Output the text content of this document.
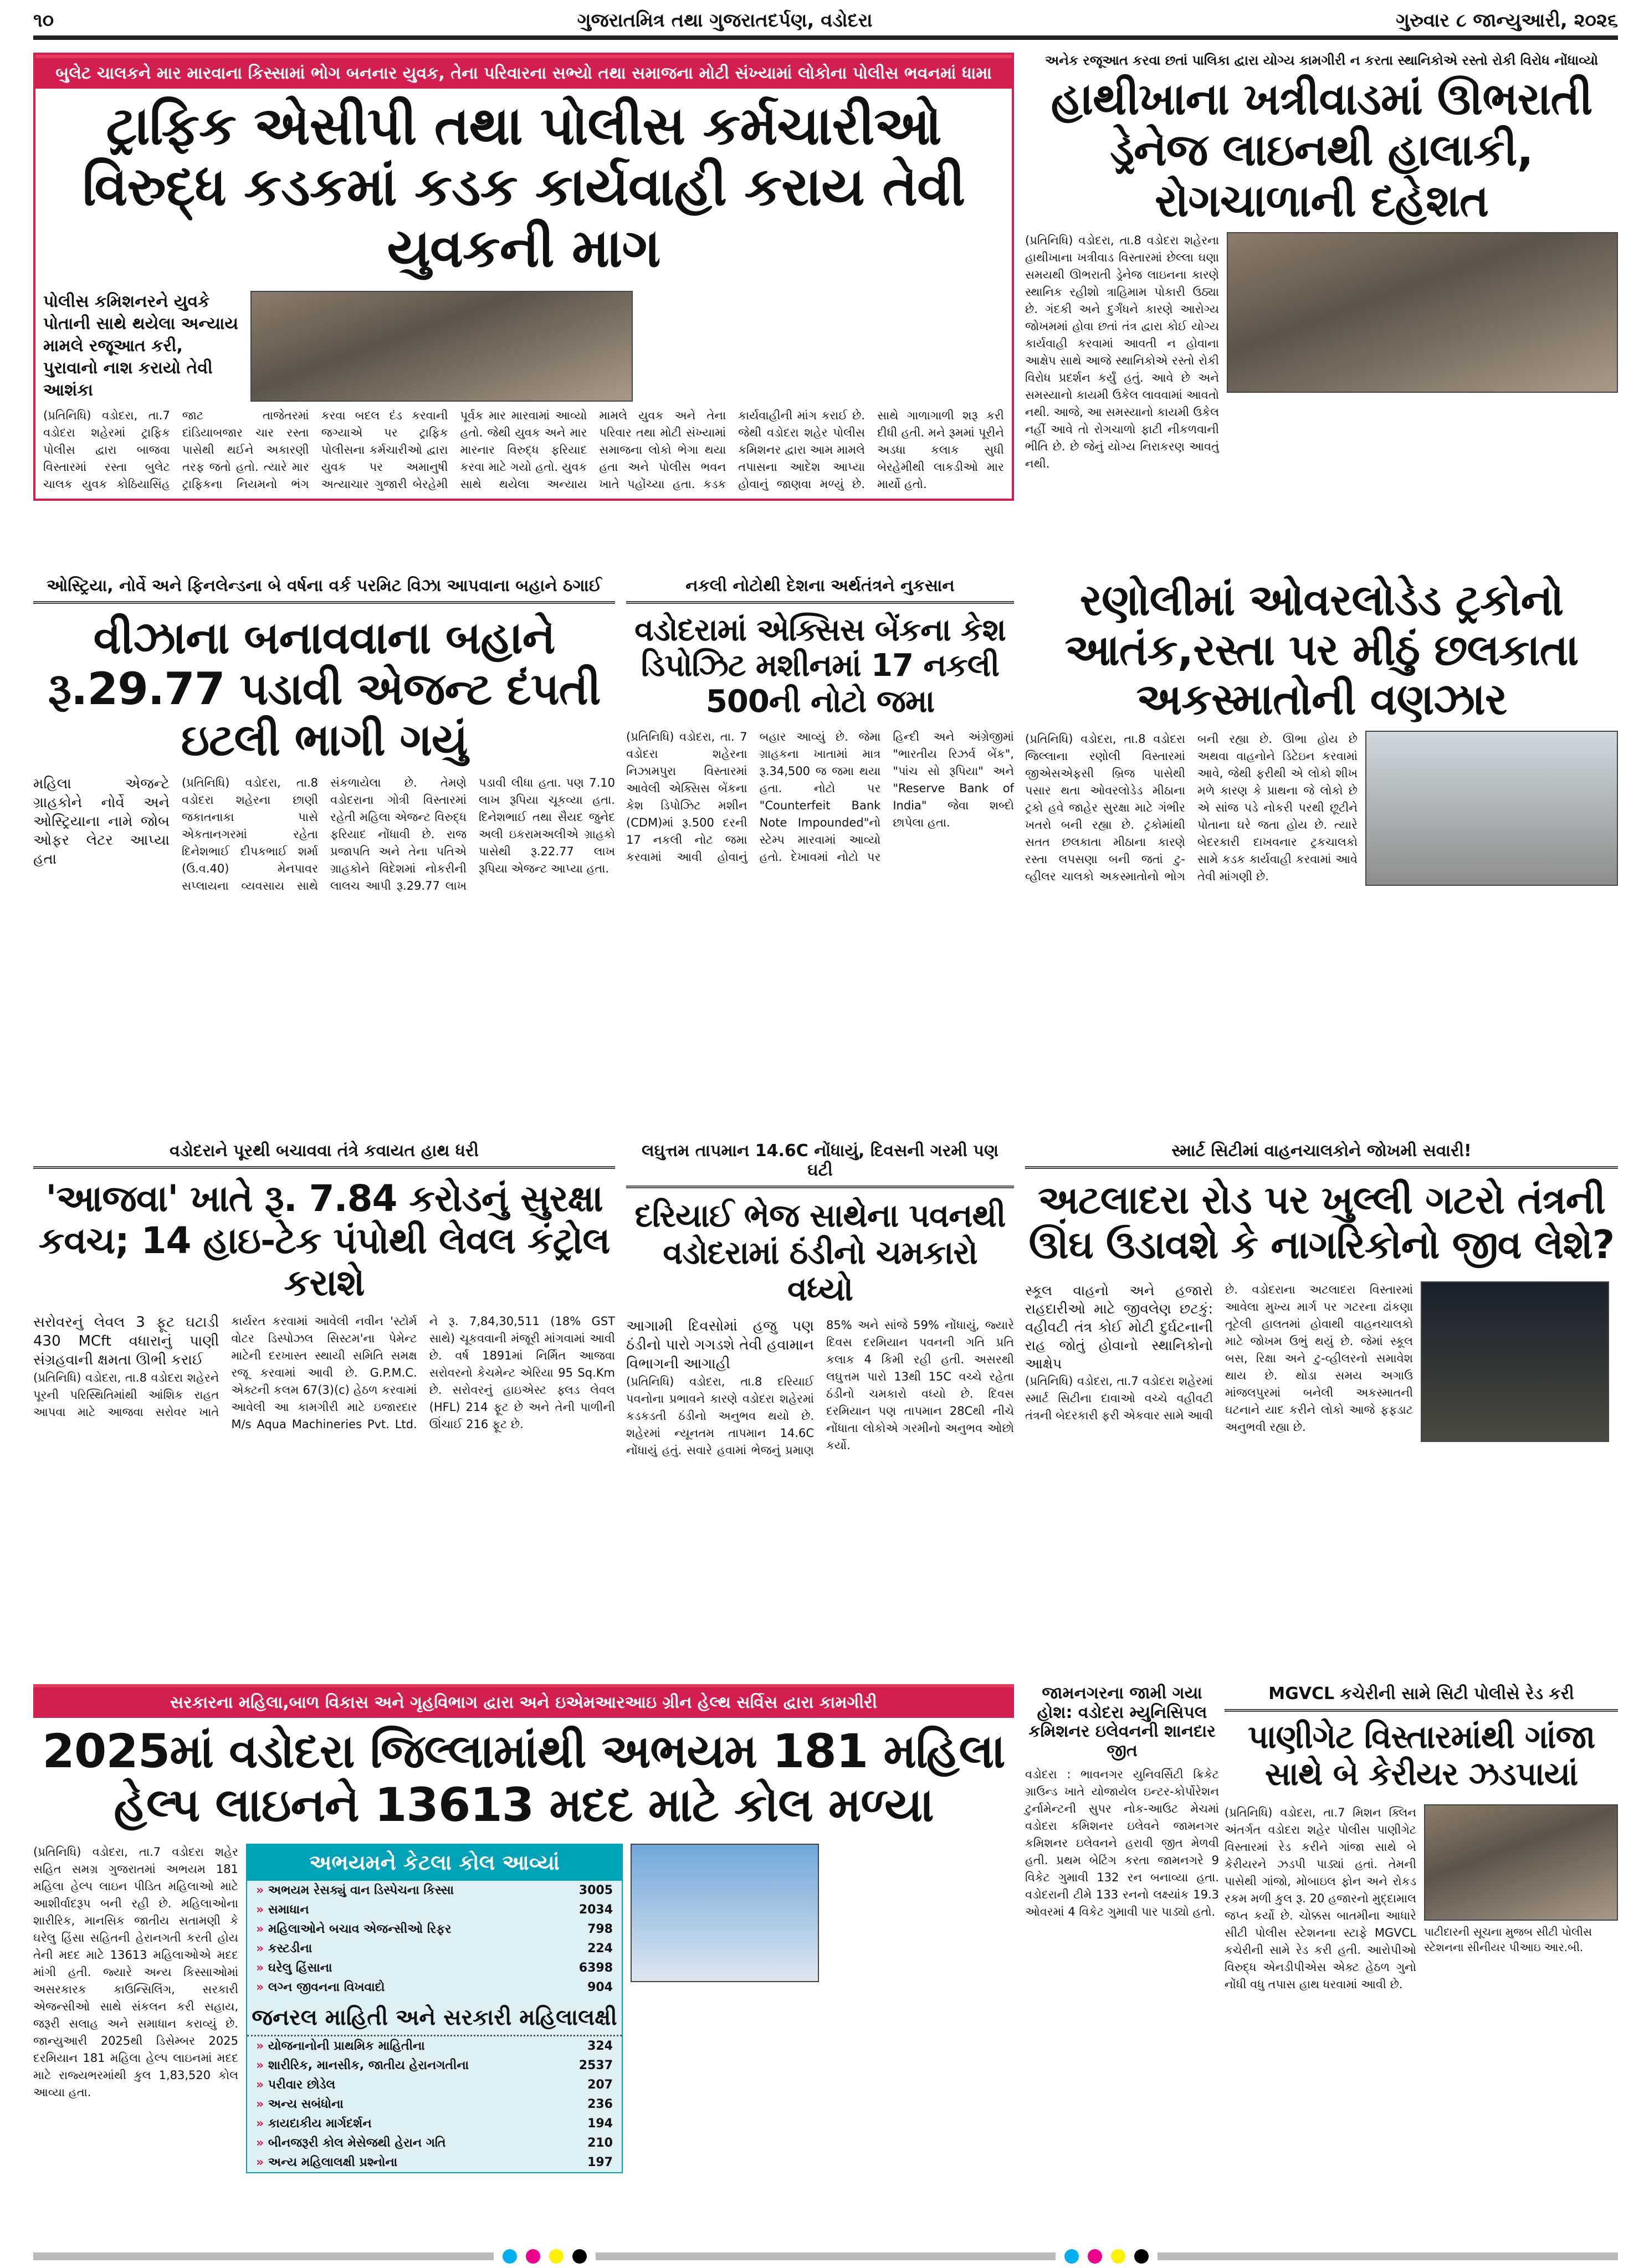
૧૦	ગુજરાતમિત્ર તથા ગુજરાતદર્પણ, વડોદરા	ગુરુવાર ૮ જાન્યુઆરી, ૨૦૨૬
બુલેટ ચાલકને માર મારવાના કિસ્સામાં ભોગ બનનાર યુવક, તેના પરિવારના સભ્યો તથા સમાજના મોટી સંખ્યામાં લોકોના પોલીસ ભવનમાં ધામા
ટ્રાફિક એસીપી તથા પોલીસ કર્મચારીઓ વિરુદ્ધ કડકમાં કડક કાર્યવાહી કરાય તેવી યુવકની માગ
પોલીસ કમિશનરને યુવકે પોતાની સાથે થયેલા અન્યાય મામલે રજૂઆત કરી, પુરાવાનો નાશ કરાયો તેવી આશંકા
(પ્રતિનિધિ) વડોદરા, તા.7 વડોદરા શહેરમાં ટ્રાફિક પોલીસ દ્વારા બાજવા વિસ્તારમાં રસ્તા બુલેટ ચાલક યુવક કોઠિયાસિંહ જાટ તાજેતરમાં દાંડિયાબજાર ચાર રસ્તા પાસેથી થઈને અકારણી તરફ જતો હતો. ત્યારે માર ટ્રાફિકના નિયમનો ભંગ કરવા બદલ દંડ કરવાની જગ્યાએ પર ટ્રાફિક પોલીસના કર્મચારીઓ દ્વારા યુવક પર અમાનુષી અત્યાચાર ગુજારી બેરહેમી પૂર્વક માર મારવામાં આવ્યો હતો. જેથી યુવક અને માર મારનાર વિરુદ્ધ ફરિયાદ કરવા માટે ગયો હતો. યુવક સાથે થયેલા અન્યાય મામલે યુવક અને તેના પરિવાર તથા મોટી સંખ્યામાં સમાજના લોકો ભેગા થયા હતા અને પોલીસ ભવન ખાતે પહોંચ્યા હતા. કડક કાર્યવાહીની માંગ કરાઈ છે. જેથી વડોદરા શહેર પોલીસ કમિશનર દ્વારા આમ મામલે તપાસના આદેશ આપ્યા હોવાનું જાણવા મળ્યું છે. સાથે ગાળાગાળી શરૂ કરી દીધી હતી. મને રૂમમાં પૂરીને અડધા કલાક સુધી બેરહેમીથી લાકડીઓ માર માર્યો હતો.
અનેક રજૂઆત કરવા છતાં પાલિકા દ્વારા યોગ્ય કામગીરી ન કરતા સ્થાનિકોએ રસ્તો રોકી વિરોધ નોંધાવ્યો
હાથીખાના ખત્રીવાડમાં ઊભરાતી ડ્રેનેજ લાઇનથી હાલાકી, રોગચાળાની દહેશત
(પ્રતિનિધિ) વડોદરા, તા.8 વડોદરા શહેરના હાથીખાના ખત્રીવાડ વિસ્તારમાં છેલ્લા ઘણા સમયથી ઊભરાતી ડ્રેનેજ લાઇનના કારણે સ્થાનિક રહીશો ત્રાહિમામ પોકારી ઉઠ્યા છે. ગંદકી અને દુર્ગંધને કારણે આરોગ્ય જોખમમાં હોવા છતાં તંત્ર દ્વારા કોઈ યોગ્ય કાર્યવાહી કરવામાં આવતી ન હોવાના આક્ષેપ સાથે આજે સ્થાનિકોએ રસ્તો રોકી વિરોધ પ્રદર્શન કર્યું હતું. આવે છે અને સમસ્યાનો કાયમી ઉકેલ લાવવામાં આવતો નથી. આજે, આ સમસ્યાનો કાયમી ઉકેલ નહીં આવે તો રોગચાળો ફાટી નીકળવાની ભીતિ છે. છે જેનું યોગ્ય નિરાકરણ આવતું નથી.
ઓસ્ટ્રિયા, નોર્વે અને ફિનલેન્ડના બે વર્ષના વર્ક પરમિટ વિઝા આપવાના બહાને ઠગાઈ
વીઝાના બનાવવાના બહાને રૂ.29.77 પડાવી એજન્ટ દંપતી ઇટલી ભાગી ગયું
મહિલા એજન્ટે ગ્રાહકોને નોર્વે અને ઓસ્ટ્રિયાના નામે જોબ ઓફર લેટર આપ્યા હતા
(પ્રતિનિધિ) વડોદરા, તા.8 વડોદરા શહેરના છાણી જકાતનાકા પાસે એકતાનગરમાં રહેતા દિનેશભાઈ દીપકભાઈ શર્મા (ઉ.વ.40) મેનપાવર સપ્લાયના વ્યવસાય સાથે સંકળાયેલા છે. તેમણે વડોદરાના ગોત્રી વિસ્તારમાં રહેતી મહિલા એજન્ટ વિરુદ્ધ ફરિયાદ નોંધાવી છે. રાજ પ્રજાપતિ અને તેના પતિએ ગ્રાહકોને વિદેશમાં નોકરીની લાલચ આપી રૂ.29.77 લાખ પડાવી લીધા હતા. પણ 7.10 લાખ રૂપિયા ચૂકવ્યા હતા. દિનેશભાઈ તથા સૈયદ જુનેદ અલી ઇકરામઅલીએ ગ્રાહકો પાસેથી રૂ.22.77 લાખ રૂપિયા એજન્ટ આપ્યા હતા.
નકલી નોટોથી દેશના અર્થતંત્રને નુકસાન
વડોદરામાં એક્સિસ બેંકના કેશ ડિપોઝિટ મશીનમાં 17 નકલી 500ની નોટો જમા
(પ્રતિનિધિ) વડોદરા, તા. 7 વડોદરા શહેરના નિઝામપુરા વિસ્તારમાં આવેલી એક્સિસ બેંકના કેશ ડિપોઝિટ મશીન (CDM)માં રૂ.500 દરની 17 નકલી નોટ જમા કરવામાં આવી હોવાનું બહાર આવ્યું છે. જેમા ગ્રાહકના ખાતામાં માત્ર રૂ.34,500 જ જમા થયા હતા. નોટો પર "Counterfeit Bank Note Impounded"નો સ્ટેમ્પ મારવામાં આવ્યો હતો. દેખાવમાં નોટો પર હિન્દી અને અંગ્રેજીમાં "ભારતીય રિઝર્વ બેંક", "પાંચ સો રૂપિયા" અને "Reserve Bank of India" જેવા શબ્દો છાપેલા હતા.
રણોલીમાં ઓવરલોડેડ ટ્રકોનો આતંક,રસ્તા પર મીઠું છલકાતા અકસ્માતોની વણઝાર
(પ્રતિનિધિ) વડોદરા, તા.8 વડોદરા જિલ્લાના રણોલી વિસ્તારમાં જીએસએફસી બ્રિજ પાસેથી પસાર થતા ઓવરલોડેડ મીઠાના ટ્રકો હવે જાહેર સુરક્ષા માટે ગંભીર ખતરો બની રહ્યા છે. ટ્રકોમાંથી સતત છલકાતા મીઠાના કારણે રસ્તા લપસણા બની જતાં ટુ-વ્હીલર ચાલકો અકસ્માતોનો ભોગ બની રહ્યા છે. ઊભા હોય છે અથવા વાહનોને ડિટેઇન કરવામાં આવે, જેથી ફરીથી એ લોકો શીખ મળે કારણ કે પ્રાથના જે લોકો છે એ સાંજ પડે નોકરી પરથી છૂટીને પોતાના ઘરે જતા હોય છે. ત્યારે બેદરકારી દાખવનાર ટ્રકચાલકો સામે કડક કાર્યવાહી કરવામાં આવે તેવી માંગણી છે.
વડોદરાને પૂરથી બચાવવા તંત્રે કવાયત હાથ ધરી
'આજવા' ખાતે રૂ. 7.84 કરોડનું સુરક્ષા કવચ; 14 હાઇ-ટેક પંપોથી લેવલ કંટ્રોલ કરાશે
સરોવરનું લેવલ 3 ફૂટ ઘટાડી 430 MCft વધારાનું પાણી સંગ્રહવાની ક્ષમતા ઊભી કરાઈ
(પ્રતિનિધિ) વડોદરા, તા.8 વડોદરા શહેરને પૂરની પરિસ્થિતિમાંથી આંશિક રાહત આપવા માટે આજવા સરોવર ખાતે કાર્યરત કરવામાં આવેલી નવીન 'સ્ટોર્મ વોટર ડિસ્પોઝલ સિસ્ટમ'ના પેમેન્ટ માટેની દરખાસ્ત સ્થાયી સમિતિ સમક્ષ રજૂ કરવામાં આવી છે. G.P.M.C. એક્ટની કલમ 67(3)(c) હેઠળ કરવામાં આવેલી આ કામગીરી માટે ઇજારદાર M/s Aqua Machineries Pvt. Ltd. ને રૂ. 7,84,30,511 (18% GST સાથે) ચૂકવવાની મંજૂરી માંગવામાં આવી છે. વર્ષ 1891માં નિર્મિત આજવા સરોવરનો કેચમેન્ટ એરિયા 95 Sq.Km છે. સરોવરનું હાઇએસ્ટ ફ્લડ લેવલ (HFL) 214 ફૂટ છે અને તેની પાળીની ઊંચાઈ 216 ફૂટ છે.
લઘુત્તમ તાપમાન 14.6C નોંધાયું, દિવસની ગરમી પણ ઘટી
દરિયાઈ ભેજ સાથેના પવનથી વડોદરામાં ઠંડીનો ચમકારો વધ્યો
આગામી દિવસોમાં હજુ પણ ઠંડીનો પારો ગગડશે તેવી હવામાન વિભાગની આગાહી
(પ્રતિનિધિ) વડોદરા, તા.8 દરિયાઈ પવનોના પ્રભાવને કારણે વડોદરા શહેરમાં કડકડતી ઠંડીનો અનુભવ થયો છે. શહેરમાં ન્યૂનતમ તાપમાન 14.6C નોંધાયું હતું. સવારે હવામાં ભેજનું પ્રમાણ 85% અને સાંજે 59% નોંધાયું, જ્યારે દિવસ દરમિયાન પવનની ગતિ પ્રતિ કલાક 4 કિમી રહી હતી. અસરથી લઘુત્તમ પારો 13થી 15C વચ્ચે રહેતા ઠંડીનો ચમકારો વધ્યો છે. દિવસ દરમિયાન પણ તાપમાન 28Cથી નીચે નોંધાતા લોકોએ ગરમીનો અનુભવ ઓછો કર્યો.
સ્માર્ટ સિટીમાં વાહનચાલકોને જોખમી સવારી!
અટલાદરા રોડ પર ખુલ્લી ગટરો તંત્રની ઊંઘ ઉડાવશે કે નાગરિકોનો જીવ લેશે?
સ્કૂલ વાહનો અને હજારો રાહદારીઓ માટે જીવલેણ છટકું: વહીવટી તંત્ર કોઈ મોટી દુર્ઘટનાની રાહ જોતું હોવાનો સ્થાનિકોનો આક્ષેપ
(પ્રતિનિધિ) વડોદરા, તા.7 વડોદરા શહેરમાં સ્માર્ટ સિટીના દાવાઓ વચ્ચે વહીવટી તંત્રની બેદરકારી ફરી એકવાર સામે આવી છે. વડોદરાના અટલાદરા વિસ્તારમાં આવેલા મુખ્ય માર્ગ પર ગટરના ઢાંકણા તૂટેલી હાલતમાં હોવાથી વાહનચાલકો માટે જોખમ ઉભું થયું છે. જેમાં સ્કૂલ બસ, રિક્ષા અને ટુ-વ્હીલરનો સમાવેશ થાય છે. થોડા સમય અગાઉ માંજલપુરમાં બનેલી અકસ્માતની ઘટનાને યાદ કરીને લોકો આજે ફફડાટ અનુભવી રહ્યા છે.
સરકારના મહિલા,બાળ વિકાસ અને ગૃહવિભાગ દ્વારા અને ઇએમઆરઆઇ ગ્રીન હેલ્થ સર્વિસ દ્વારા કામગીરી
2025માં વડોદરા જિલ્લામાંથી અભયમ 181 મહિલા હેલ્પ લાઇનને 13613 મદદ માટે કોલ મળ્યા
(પ્રતિનિધિ) વડોદરા, તા.7 વડોદરા શહેર સહિત સમગ્ર ગુજરાતમાં અભયમ 181 મહિલા હેલ્પ લાઇન પીડિત મહિલાઓ માટે આશીર્વાદરૂપ બની રહી છે. મહિલાઓના શારીરિક, માનસિક જાતીય સતામણી કે ઘરેલુ હિંસા સહિતની હેરાનગતી કરતી હોય તેની મદદ માટે 13613 મહિલાઓએ મદદ માંગી હતી. જ્યારે અન્ય કિસ્સાઓમાં અસરકારક કાઉન્સિલિંગ, સરકારી એજન્સીઓ સાથે સંકલન કરી સહાય, જરૂરી સલાહ અને સમાધાન કરાવ્યું છે. જાન્યુઆરી 2025થી ડિસેમ્બર 2025 દરમિયાન 181 મહિલા હેલ્પ લાઇનમાં મદદ માટે રાજ્યભરમાંથી કુલ 1,83,520 કોલ આવ્યા હતા.
અભયમને કેટલા કોલ આવ્યાં
» અભયમ રેસક્યું વાન ડિસ્પેચના કિસ્સા	3005
» સમાધાન	2034
» મહિલાઓને બચાવ એજન્સીઓ રિફર	798
» કસ્ટડીના	224
» ઘરેલુ હિંસાના	6398
» લગ્ન જીવનના વિખવાદો	904
જનરલ માહિતી અને સરકારી મહિલાલક્ષી
» યોજનાનોની પ્રાથમિક માહિતીના	324
» શારીરિક, માનસીક, જાતીય હેરાનગતીના	2537
» પરીવાર છોડેલ	207
» અન્ય સબંધોના	236
» કાયદાકીય માર્ગદર્શન	194
» બીનજરૂરી કોલ મેસેજથી હેરાન ગતિ	210
» અન્ય મહિલાલક્ષી પ્રશ્નોના	197
જામનગરના જામી ગયા હોશ: વડોદરા મ્યુનિસિપલ કમિશનર ઇલેવનની શાનદાર જીત
વડોદરા : ભાવનગર યુનિવર્સિટી ક્રિકેટ ગ્રાઉન્ડ ખાતે યોજાયેલ ઇન્ટર-કોર્પોરેશન ટુર્નામેન્ટની સુપર નોક-આઉટ મેચમાં વડોદરા કમિશનર ઇલેવને જામનગર કમિશનર ઇલેવનને હરાવી જીત મેળવી હતી. પ્રથમ બેટિંગ કરતા જામનગરે 9 વિકેટ ગુમાવી 132 રન બનાવ્યા હતા. વડોદરાની ટીમે 133 રનનો લક્ષ્યાંક 19.3 ઓવરમાં 4 વિકેટ ગુમાવી પાર પાડ્યો હતો.
MGVCL કચેરીની સામે સિટી પોલીસે રેડ કરી
પાણીગેટ વિસ્તારમાંથી ગાંજા સાથે બે કેરીયર ઝડપાયાં
(પ્રતિનિધિ) વડોદરા, તા.7 મિશન ક્લિન અંતર્ગત વડોદરા શહેર પોલીસ પાણીગેટ વિસ્તારમાં રેડ કરીને ગાંજા સાથે બે કેરીયરને ઝડપી પાડ્યાં હતાં. તેમની પાસેથી ગાંજો, મોબાઇલ ફોન અને રોકડ રકમ મળી કુલ રૂ. 20 હજારનો મુદ્દામાલ જપ્ત કર્યો છે. ચોક્કસ બાતમીના આધારે સીટી પોલીસ સ્ટેશનના સ્ટાફે MGVCL કચેરીની સામે રેડ કરી હતી. આરોપીઓ વિરુદ્ધ એનડીપીએસ એક્ટ હેઠળ ગુનો નોંધી વધુ તપાસ હાથ ધરવામાં આવી છે.
પાટીદારની સૂચના મુજબ સીટી પોલીસ સ્ટેશનના સીનીયર પીઆઇ આર.બી.
